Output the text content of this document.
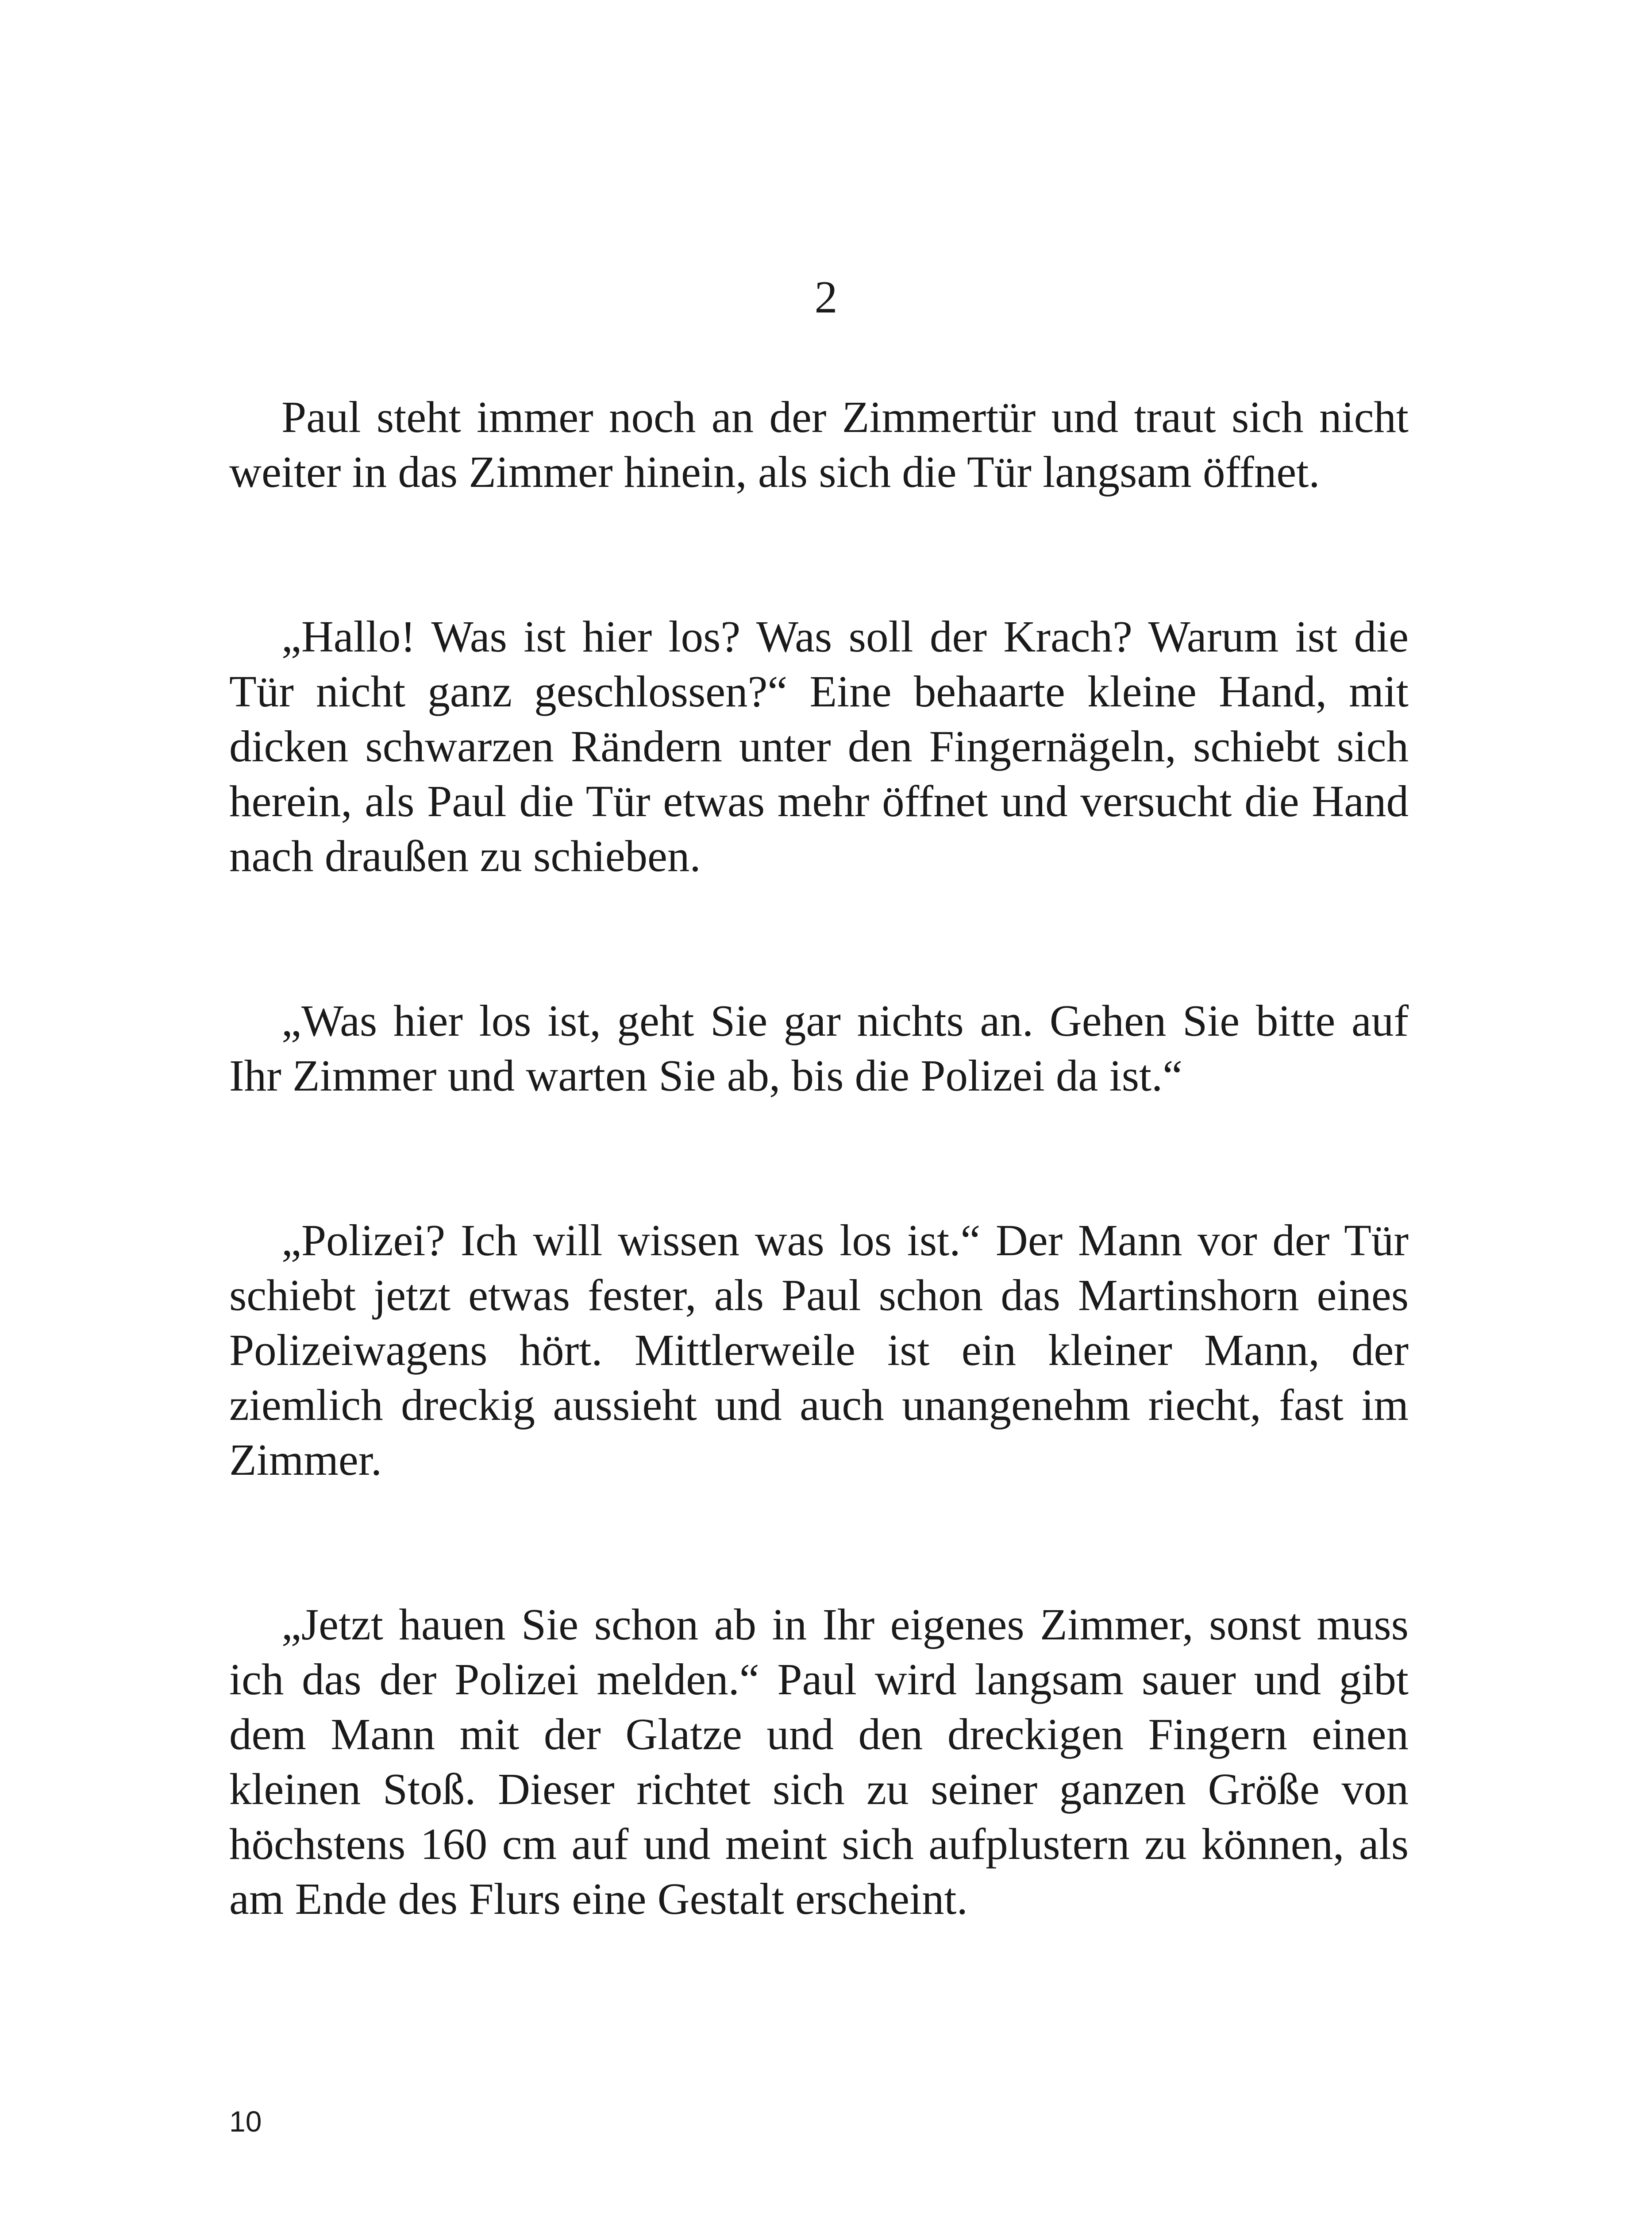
2

Paul steht immer noch an der Zimmertür und traut sich nicht weiter in das Zimmer hinein, als sich die Tür langsam öffnet.

„Hallo! Was ist hier los? Was soll der Krach? Warum ist die Tür nicht ganz geschlossen?“ Eine behaarte kleine Hand, mit dicken schwarzen Rändern unter den Fingernägeln, schiebt sich herein, als Paul die Tür etwas mehr öffnet und versucht die Hand nach draußen zu schieben.

„Was hier los ist, geht Sie gar nichts an. Gehen Sie bitte auf Ihr Zimmer und warten Sie ab, bis die Polizei da ist.“

„Polizei? Ich will wissen was los ist.“ Der Mann vor der Tür schiebt jetzt etwas fester, als Paul schon das Martinshorn eines Polizeiwagens hört. Mittlerweile ist ein kleiner Mann, der ziemlich dreckig aussieht und auch unangenehm riecht, fast im Zimmer.

„Jetzt hauen Sie schon ab in Ihr eigenes Zimmer, sonst muss ich das der Polizei melden.“ Paul wird langsam sauer und gibt dem Mann mit der Glatze und den dreckigen Fingern einen kleinen Stoß. Dieser richtet sich zu seiner ganzen Größe von höchstens 160 cm auf und meint sich aufplustern zu können, als am Ende des Flurs eine Gestalt erscheint.

10
